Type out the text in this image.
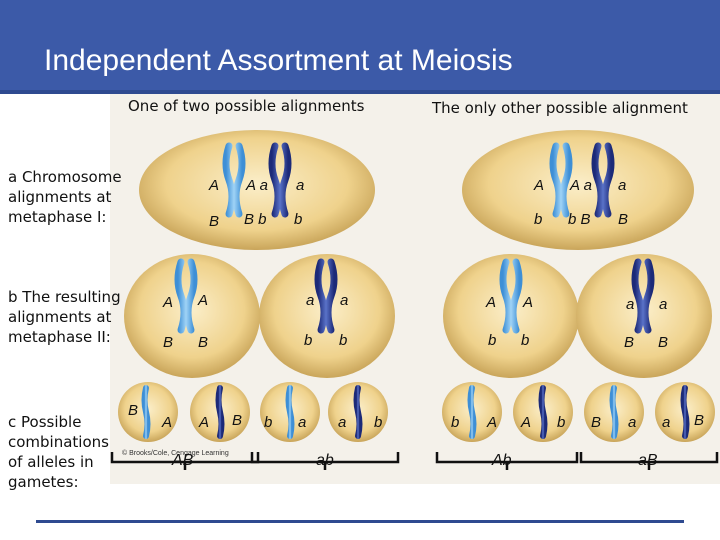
Independent Assortment at Meiosis
One of two possible alignments	The only other possible alignment
a Chromosome alignments at metaphase I:
b The resulting alignments at metaphase II:
c Possible combinations of alleles in gametes:
A A a a
B B b b
A A a a
b b B B
A A
B B
a a
b b
A A
b b
a a
B B
B
A A B b a a b	b A A b B a a B
© Brooks/Cole, Cengage Learning
AB	ab	Ab	aB
